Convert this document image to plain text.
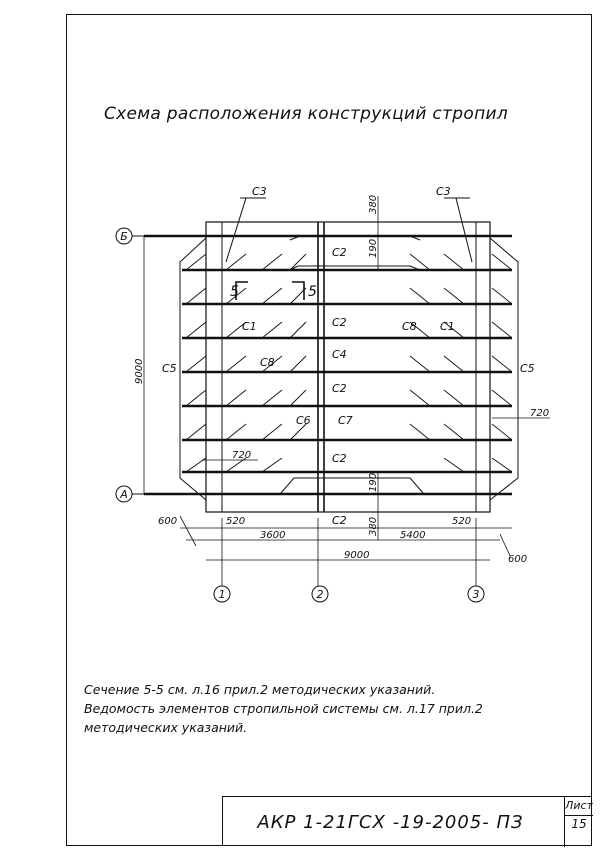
Схема расположения конструкций стропил
С3	С3
С2
С2
С2
С2
С2
С1	С1
С8
С8
С4
С5	С5
С6 С7
5	5
Б
А
1	2	3
380
190
9000
720
720
190
380
600	520
3600	5400
520
9000	600
Сечение 5-5 см. л.16 прил.2 методических указаний.
Ведомость элементов стропильной системы см. л.17 прил.2
методических указаний.
АКР 1-21ГСХ -19-2005- ПЗ
Лист
15
